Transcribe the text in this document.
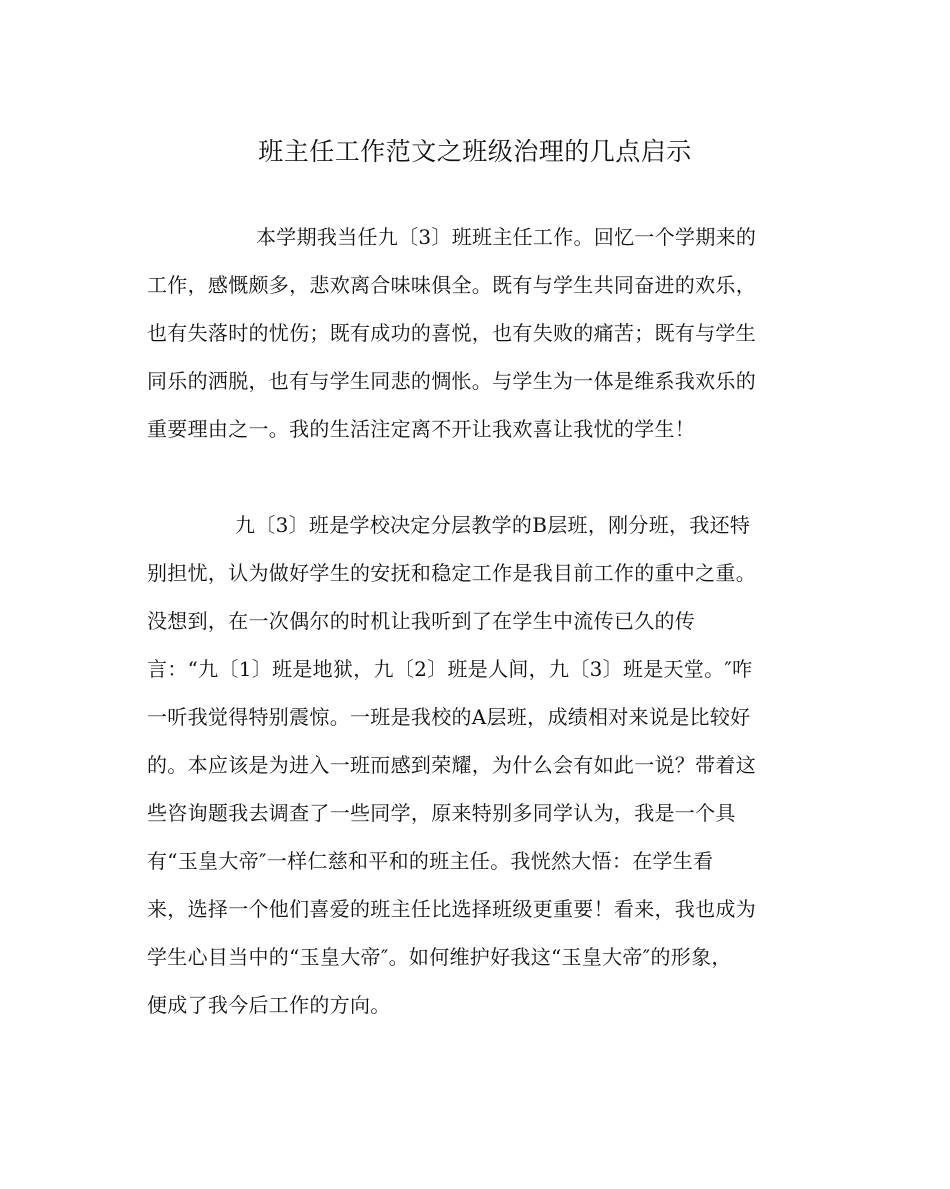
班主任工作范文之班级治理的几点启示

本学期我当任九〔3〕班班主任工作。回忆一个学期来的

工作，感慨颇多，悲欢离合味味俱全。既有与学生共同奋进的欢乐，

也有失落时的忧伤；既有成功的喜悦，也有失败的痛苦；既有与学生

同乐的洒脱，也有与学生同悲的惆怅。与学生为一体是维系我欢乐的

重要理由之一。我的生活注定离不开让我欢喜让我忧的学生！

九〔3〕班是学校决定分层教学的B层班，刚分班，我还特

别担忧，认为做好学生的安抚和稳定工作是我目前工作的重中之重。

没想到，在一次偶尔的时机让我听到了在学生中流传已久的传

言：“九〔1〕班是地狱，九〔2〕班是人间，九〔3〕班是天堂。″咋

一听我觉得特别震惊。一班是我校的A层班，成绩相对来说是比较好

的。本应该是为进入一班而感到荣耀，为什么会有如此一说？带着这

些咨询题我去调查了一些同学，原来特别多同学认为，我是一个具

有“玉皇大帝″一样仁慈和平和的班主任。我恍然大悟：在学生看

来，选择一个他们喜爱的班主任比选择班级更重要！看来，我也成为

学生心目当中的“玉皇大帝″。如何维护好我这“玉皇大帝″的形象，

便成了我今后工作的方向。
